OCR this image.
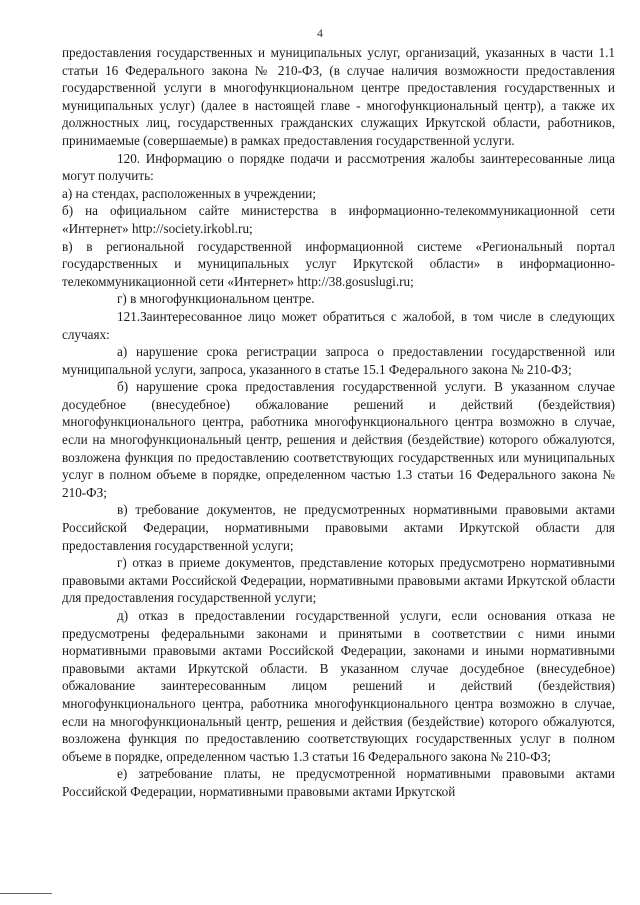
4

предоставления государственных и муниципальных услуг, организаций, указанных в части 1.1 статьи 16 Федерального закона № 210-ФЗ, (в случае наличия возможности предоставления государственной услуги в многофункциональном центре предоставления государственных и муниципальных услуг) (далее в настоящей главе - многофункциональный центр), а также их должностных лиц, государственных гражданских служащих Иркутской области, работников, принимаемые (совершаемые) в рамках предоставления государственной услуги.

120. Информацию о порядке подачи и рассмотрения жалобы заинтересованные лица могут получить:

а) на стендах, расположенных в учреждении;

б) на официальном сайте министерства в информационно-телекоммуникационной сети «Интернет» http://society.irkobl.ru;

в) в региональной государственной информационной системе «Региональный портал государственных и муниципальных услуг Иркутской области» в информационно-телекоммуникационной сети «Интернет» http://38.gosuslugi.ru;

г) в многофункциональном центре.

121.Заинтересованное лицо может обратиться с жалобой, в том числе в следующих случаях:

а) нарушение срока регистрации запроса о предоставлении государственной или муниципальной услуги, запроса, указанного в статье 15.1 Федерального закона № 210-ФЗ;

б) нарушение срока предоставления государственной услуги. В указанном случае досудебное (внесудебное) обжалование решений и действий (бездействия) многофункционального центра, работника многофункционального центра возможно в случае, если на многофункциональный центр, решения и действия (бездействие) которого обжалуются, возложена функция по предоставлению соответствующих государственных или муниципальных услуг в полном объеме в порядке, определенном частью 1.3 статьи 16 Федерального закона № 210-ФЗ;

в) требование документов, не предусмотренных нормативными правовыми актами Российской Федерации, нормативными правовыми актами Иркутской области для предоставления государственной услуги;

г) отказ в приеме документов, представление которых предусмотрено нормативными правовыми актами Российской Федерации, нормативными правовыми актами Иркутской области для предоставления государственной услуги;

д) отказ в предоставлении государственной услуги, если основания отказа не предусмотрены федеральными законами и принятыми в соответствии с ними иными нормативными правовыми актами Российской Федерации, законами и иными нормативными правовыми актами Иркутской области. В указанном случае досудебное (внесудебное) обжалование заинтересованным лицом решений и действий (бездействия) многофункционального центра, работника многофункционального центра возможно в случае, если на многофункциональный центр, решения и действия (бездействие) которого обжалуются, возложена функция по предоставлению соответствующих государственных услуг в полном объеме в порядке, определенном частью 1.3 статьи 16 Федерального закона № 210-ФЗ;

е) затребование платы, не предусмотренной нормативными правовыми актами Российской Федерации, нормативными правовыми актами Иркутской
